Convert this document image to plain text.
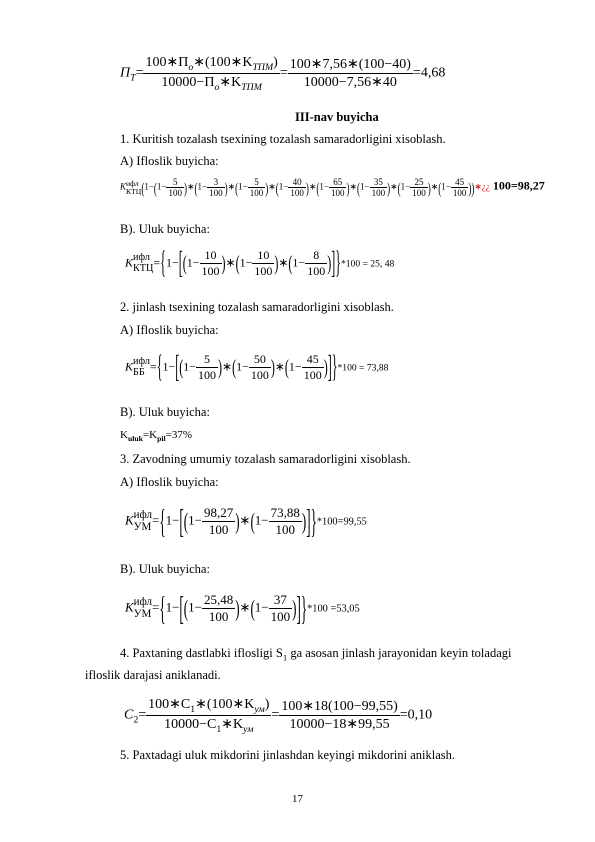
$П_T= \frac{100∗П_o∗(100∗K_{TПМ})}{10000-П_o∗K_{TПМ}} = \frac{100∗7,56∗(100-40)}{10000-7,56∗40} =4,68$
III-nav buyicha
1. Kuritish tozalash tsexining tozalash samaradorligini xisoblash.
A) Ifloslik buyicha:
K ифл
КТЦ ($1-(1- \frac{5}{100}$ )∗(1− $\frac{3}{100}$ )∗(1− $\frac{5}{100}$ )∗(1− $\frac{40}{100}$ )∗(1− $\frac{65}{100}$ )∗(1− $\frac{35}{100}$ )∗(1− $\frac{25}{100}$ )∗(1− $\frac{45}{100}$ ))∗¿¿ 100=98,27
B). Uluk buyicha:
K ифл
КТЦ $=\{1-[(1- \frac{10}{100}$ )∗(1− $\frac{10}{100}$ )∗(1− $\frac{8}{100} )]\}*100 = 25$, 48
2. jinlash tsexining tozalash samaradorligini xisoblash.
A) Ifloslik buyicha:
K ифл
ББ $=\{1-[(1- \frac{5}{100}$ )∗(1− $\frac{50}{100}$ )∗(1− $\frac{45}{100} )]\}*100 = 73,88$
B). Uluk buyicha:
$K_{uluk}=K_{pil}=37\%$
3. Zavodning umumiy tozalash samaradorligini xisoblash.
A) Ifloslik buyicha:
K ифл
УМ $=\{1-[(1- \frac{98,27}{100}$ )∗(1− $\frac{73,88}{100} )]\}*100=99,55$
B). Uluk buyicha:
K ифл
УМ $=\{1-[(1- \frac{25,48}{100}$ )∗(1− $\frac{37}{100} )]\}*100 =53,05$
4. Paxtaning dastlabki iflosligi $S_1$ ga asosan jinlash jarayonidan keyin toladagi
ifloslik darajasi aniklanadi.
$C_2= \frac{100∗C_1∗(100∗K_{ум})}{10000-C_1∗K_{ум}} = \frac{100∗18(100-99,55)}{10000-18∗99,55} =0,10$
5. Paxtadagi uluk mikdorini jinlashdan keyingi mikdorini aniklash.
17
